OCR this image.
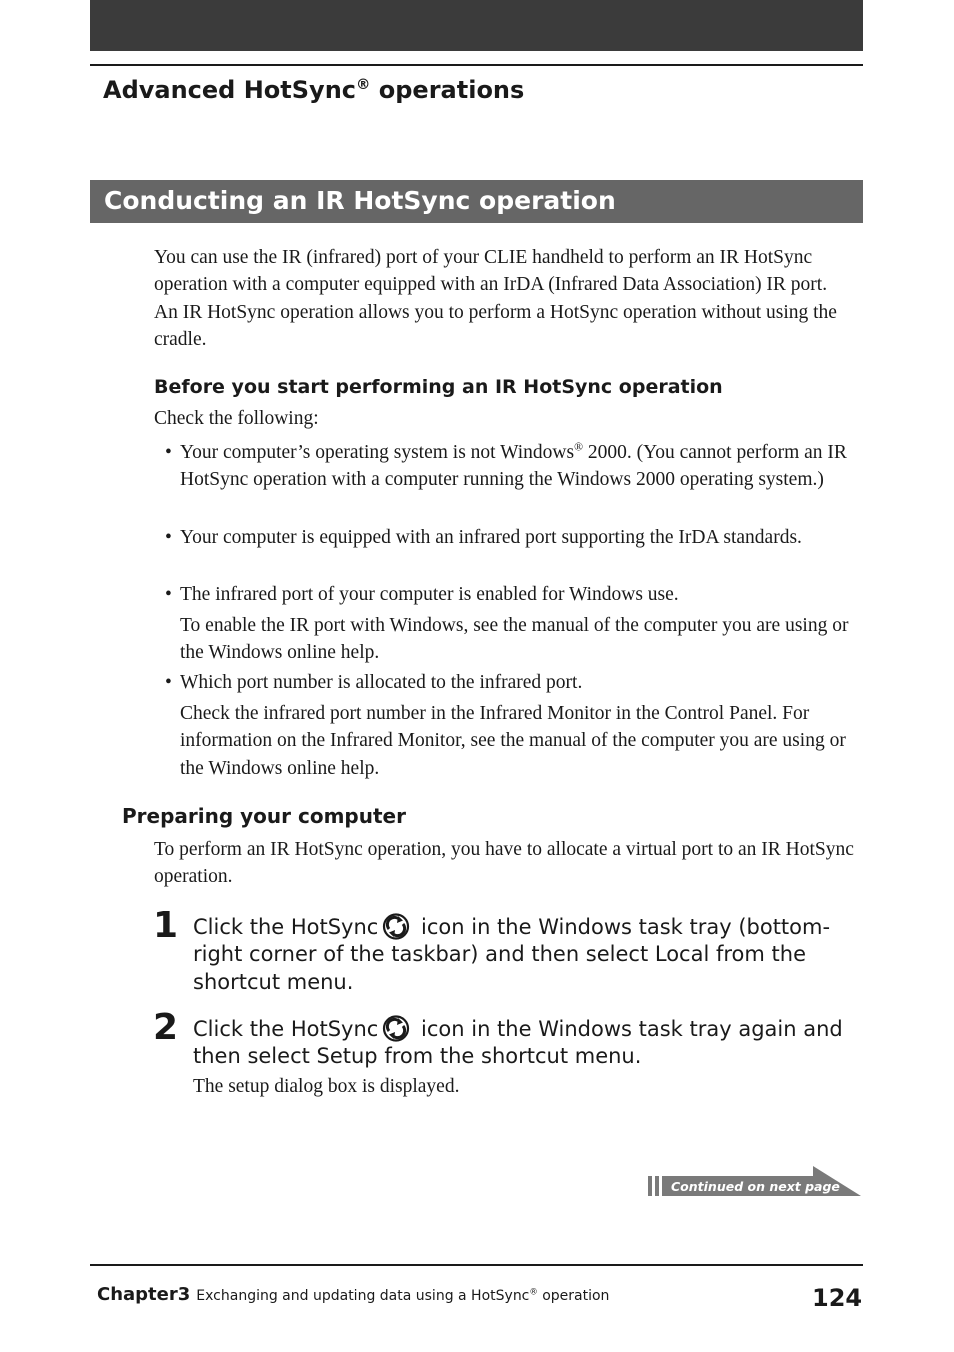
Advanced HotSync® operations
Conducting an IR HotSync operation
You can use the IR (infrared) port of your CLIE handheld to perform an IR HotSync operation with a computer equipped with an IrDA (Infrared Data Association) IR port. An IR HotSync operation allows you to perform a HotSync operation without using the cradle.
Before you start performing an IR HotSync operation
Check the following:
• Your computer’s operating system is not Windows® 2000. (You cannot perform an IR HotSync operation with a computer running the Windows 2000 operating system.)
• Your computer is equipped with an infrared port supporting the IrDA standards.
• The infrared port of your computer is enabled for Windows use.
To enable the IR port with Windows, see the manual of the computer you are using or the Windows online help.
• Which port number is allocated to the infrared port.
Check the infrared port number in the Infrared Monitor in the Control Panel. For information on the Infrared Monitor, see the manual of the computer you are using or the Windows online help.
Preparing your computer
To perform an IR HotSync operation, you have to allocate a virtual port to an IR HotSync operation.
1 Click the HotSync icon in the Windows task tray (bottom-right corner of the taskbar) and then select Local from the shortcut menu.
2 Click the HotSync icon in the Windows task tray again and then select Setup from the shortcut menu.
The setup dialog box is displayed.
Continued on next page
Chapter3 Exchanging and updating data using a HotSync® operation	124
